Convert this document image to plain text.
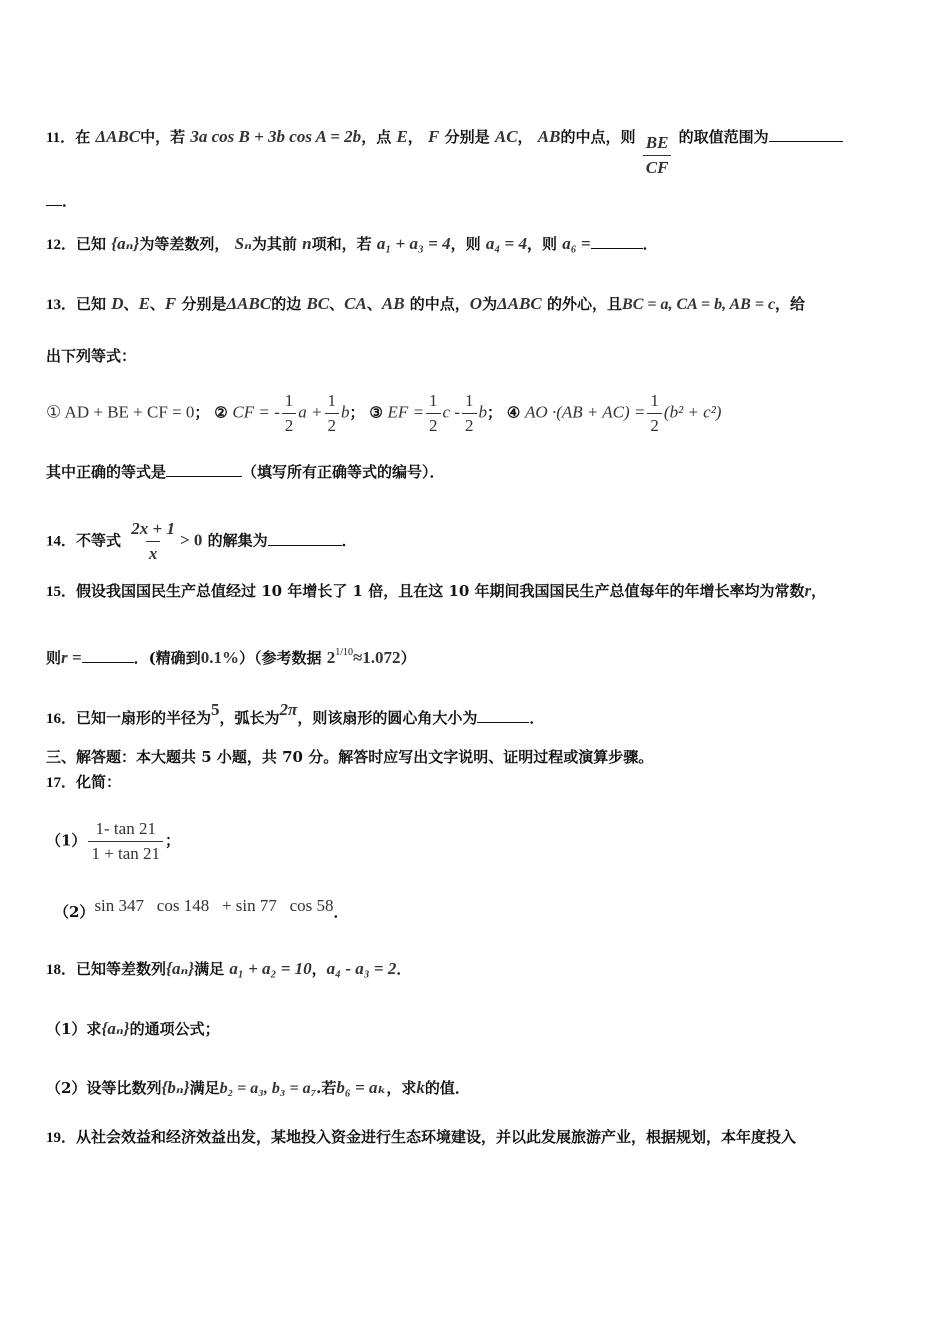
11．在 ΔABC中，若 3a cos B + 3b cos A = 2b，点 E， F 分别是 AC， AB的中点，则 $\frac{BE}{CF}$ 的取值范围为
．
12．已知 {aₙ}为等差数列， Sₙ为其前 n项和，若 a₁ + a₃ = 4，则 a₄ = 4，则 a₆ =	．
13．已知 D、E、F 分别是ΔABC的边 BC、CA、AB 的中点，O为ΔABC 的外心，且BC = a, CA = b, AB = c，给
出下列等式：
① AD + BE + CF = 0； ② CF = - $\frac{1}{2}$ $a + \frac{1}{2}$ b； ③ EF = $\frac{1}{2}$ c - $\frac{1}{2}$ b； ④ AO $\cdot(AB + AC) = \frac{1}{2} (b^2 + c^2)$
其中正确的等式是	（填写所有正确等式的编号）．
14．不等式 $\frac{2x + 1}{x} > 0$ 的解集为	．
15．假设我国国民生产总值经过 10 年增长了 1 倍，且在这 10 年期间我国国民生产总值每年的年增长率均为常数r，
则r =	．(精确到0.1%）（参考数据 $2^{1/10}\approx 1.072$）
16．已知一扇形的半径为5，弧长为2π，则该扇形的圆心角大小为	．
三、解答题：本大题共 5 小题，共 70 分。解答时应写出文字说明、证明过程或演算步骤。
17．化简：
$(1) \frac{1- \tan 21}{1 + \tan 21}$ ；
（2）sin 347   cos 148   + sin 77   cos 58．
18．已知等差数列{aₙ}满足 a₁ + a₂ = 10，a₄ - a₃ = 2．
（1）求{aₙ}的通项公式；
（2）设等比数列{bₙ}满足b₂ = a₃, b₃ = a₇.若b₆ = aₖ，求k的值．
19．从社会效益和经济效益出发，某地投入资金进行生态环境建设，并以此发展旅游产业，根据规划，本年度投入
